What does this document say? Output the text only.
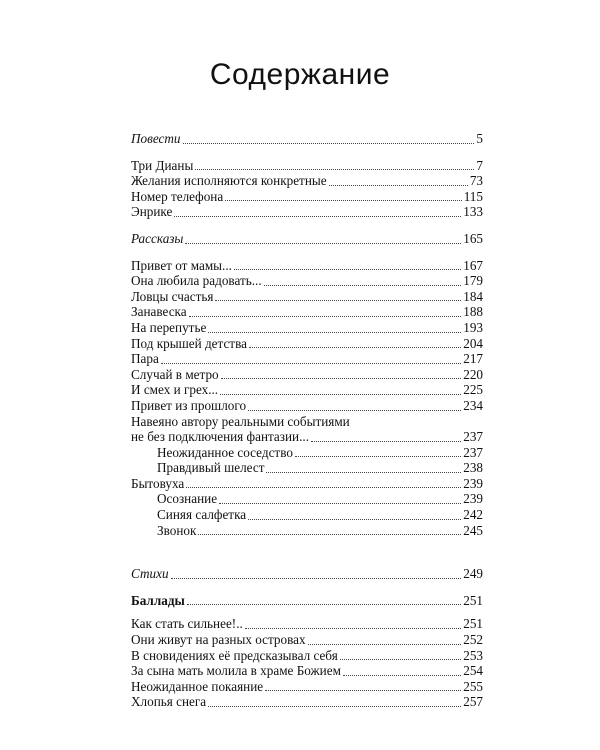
Содержание
Повести	5
Три Дианы	7
Желания исполняются конкретные	73
Номер телефона	115
Энрике	133
Рассказы	165
Привет от мамы...	167
Она любила радовать...	179
Ловцы счастья	184
Занавеска	188
На перепутье	193
Под крышей детства	204
Пара	217
Случай в метро	220
И смех и грех...	225
Привет из прошлого	234
Навеяно автору реальными событиями
не без подключения фантазии...	237
Неожиданное соседство	237
Правдивый шелест	238
Бытовуха	239
Осознание	239
Синяя салфетка	242
Звонок	245
Стихи	249
Баллады	251
Как стать сильнее!..	251
Они живут на разных островах	252
В сновидениях её предсказывал себя	253
За сына мать молила в храме Божием	254
Неожиданное покаяние	255
Хлопья снега	257
